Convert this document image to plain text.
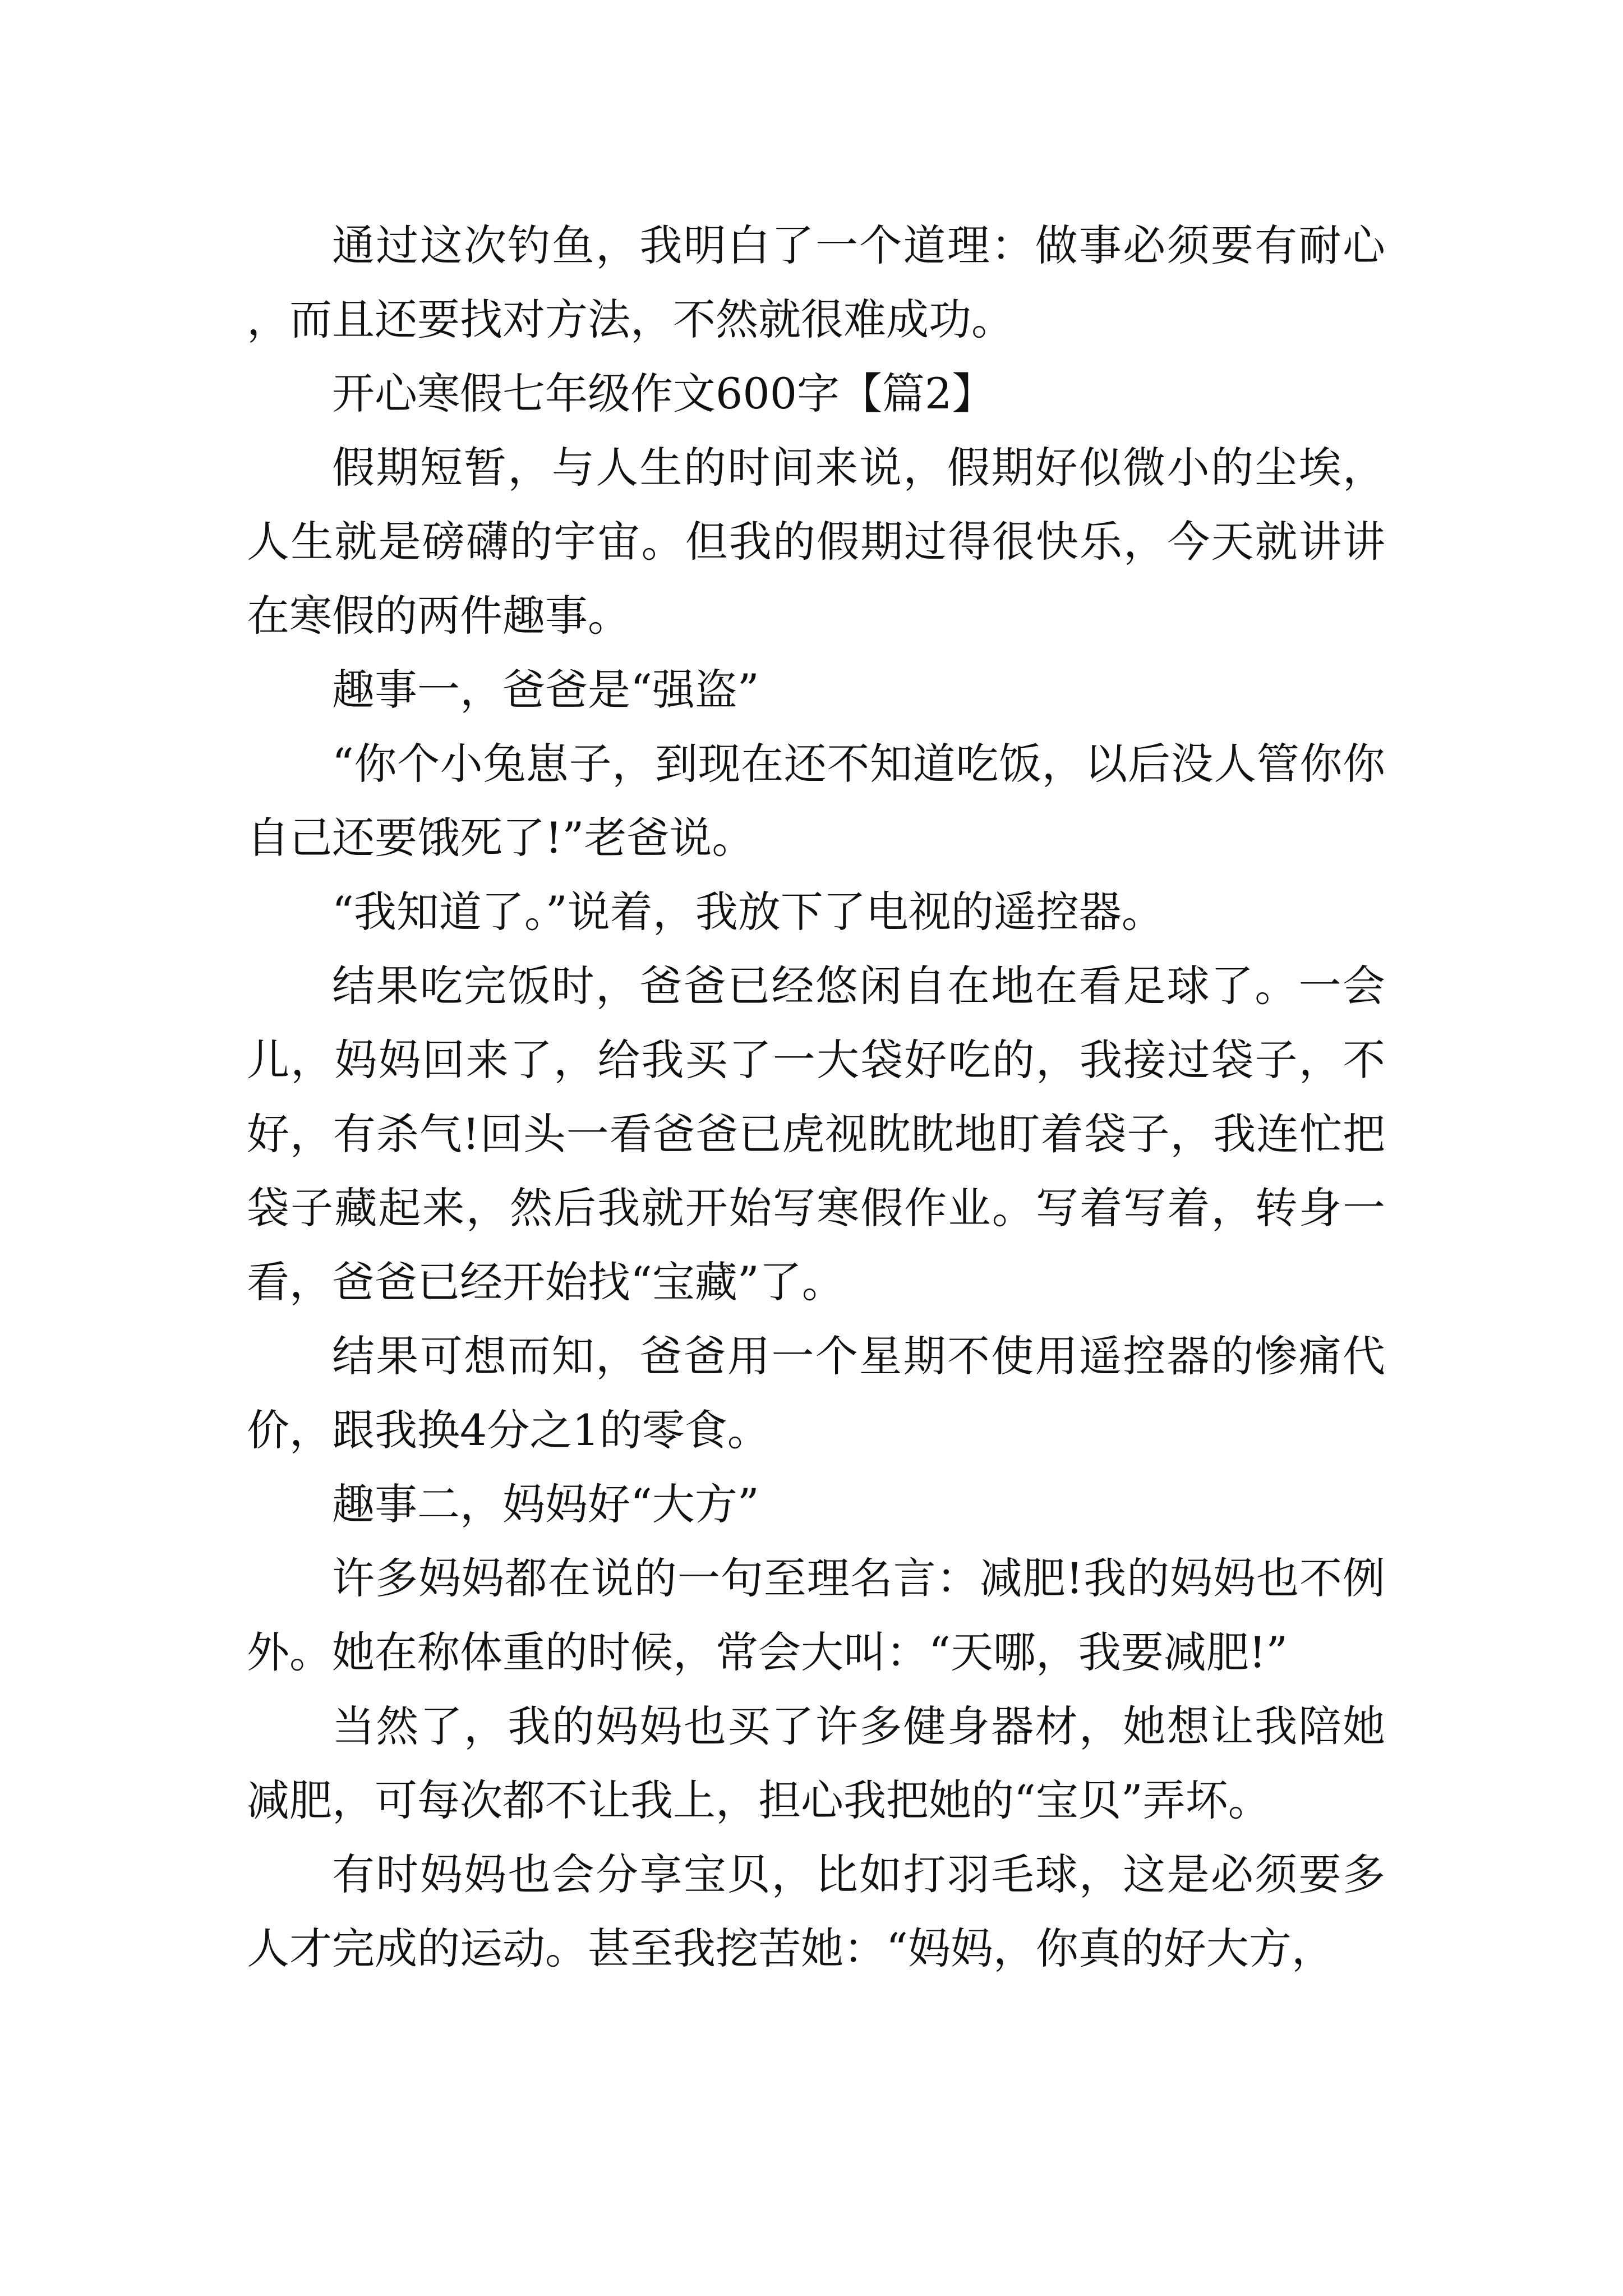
通过这次钓鱼，我明白了一个道理：做事必须要有耐心，而且还要找对方法，不然就很难成功。

开心寒假七年级作文600字【篇2】

假期短暂，与人生的时间来说，假期好似微小的尘埃，人生就是磅礴的宇宙。但我的假期过得很快乐，今天就讲讲在寒假的两件趣事。

趣事一，爸爸是“强盗”

“你个小兔崽子，到现在还不知道吃饭，以后没人管你你自己还要饿死了!”老爸说。

“我知道了。”说着，我放下了电视的遥控器。

结果吃完饭时，爸爸已经悠闲自在地在看足球了。一会儿，妈妈回来了，给我买了一大袋好吃的，我接过袋子，不好，有杀气!回头一看爸爸已虎视眈眈地盯着袋子，我连忙把袋子藏起来，然后我就开始写寒假作业。写着写着，转身一看，爸爸已经开始找“宝藏”了。

结果可想而知，爸爸用一个星期不使用遥控器的惨痛代价，跟我换4分之1的零食。

趣事二，妈妈好“大方”

许多妈妈都在说的一句至理名言：减肥!我的妈妈也不例外。她在称体重的时候，常会大叫：“天哪，我要减肥!”

当然了，我的妈妈也买了许多健身器材，她想让我陪她减肥，可每次都不让我上，担心我把她的“宝贝”弄坏。

有时妈妈也会分享宝贝，比如打羽毛球，这是必须要多人才完成的运动。甚至我挖苦她：“妈妈，你真的好大方，
